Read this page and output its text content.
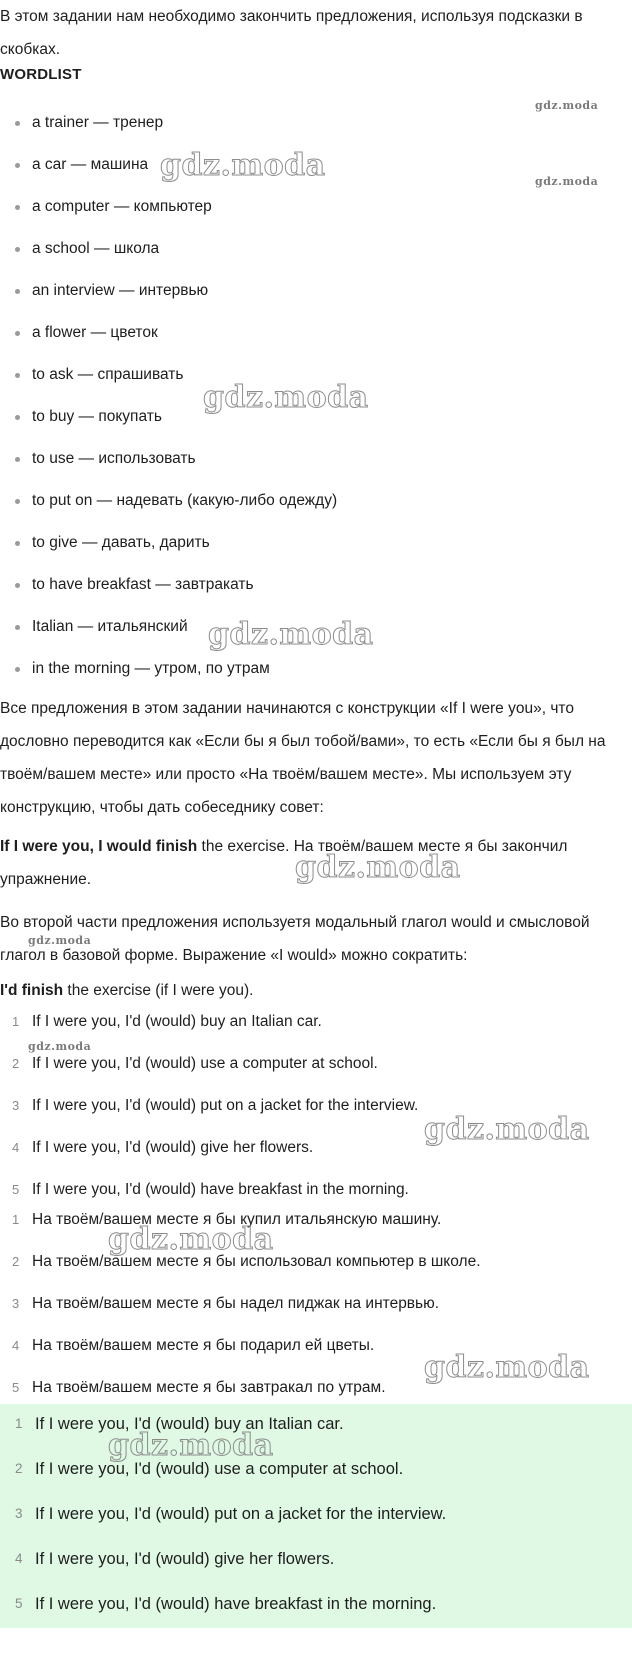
В этом задании нам необходимо закончить предложения, используя подсказки в скобках.

WORDLIST
a trainer — тренер
a car — машина
a computer — компьютер
a school — школа
an interview — интервью
a flower — цветок
to ask — спрашивать
to buy — покупать
to use — использовать
to put on — надевать (какую-либо одежду)
to give — давать, дарить
to have breakfast — завтракать
Italian — итальянский
in the morning — утром, по утрам

Все предложения в этом задании начинаются с конструкции «If I were you», что дословно переводится как «Если бы я был тобой/вами», то есть «Если бы я был на твоём/вашем месте» или просто «На твоём/вашем месте». Мы используем эту конструкцию, чтобы дать собеседнику совет:

If I were you, I would finish the exercise. На твоём/вашем месте я бы закончил упражнение.

Во второй части предложения используетя модальный глагол would и смысловой глагол в базовой форме. Выражение «I would» можно сократить:

I'd finish the exercise (if I were you).

1 If I were you, I'd (would) buy an Italian car.
2 If I were you, I'd (would) use a computer at school.
3 If I were you, I'd (would) put on a jacket for the interview.
4 If I were you, I'd (would) give her flowers.
5 If I were you, I'd (would) have breakfast in the morning.
1 На твоём/вашем месте я бы купил итальянскую машину.
2 На твоём/вашем месте я бы использовал компьютер в школе.
3 На твоём/вашем месте я бы надел пиджак на интервью.
4 На твоём/вашем месте я бы подарил ей цветы.
5 На твоём/вашем месте я бы завтракал по утрам.
1 If I were you, I'd (would) buy an Italian car.
2 If I were you, I'd (would) use a computer at school.
3 If I were you, I'd (would) put on a jacket for the interview.
4 If I were you, I'd (would) give her flowers.
5 If I were you, I'd (would) have breakfast in the morning.
gdz.moda
gdz.moda
gdz.moda
gdz.moda
gdz.moda
gdz.moda
gdz.moda
gdz.moda
gdz.moda
gdz.moda
gdz.moda
gdz.moda
